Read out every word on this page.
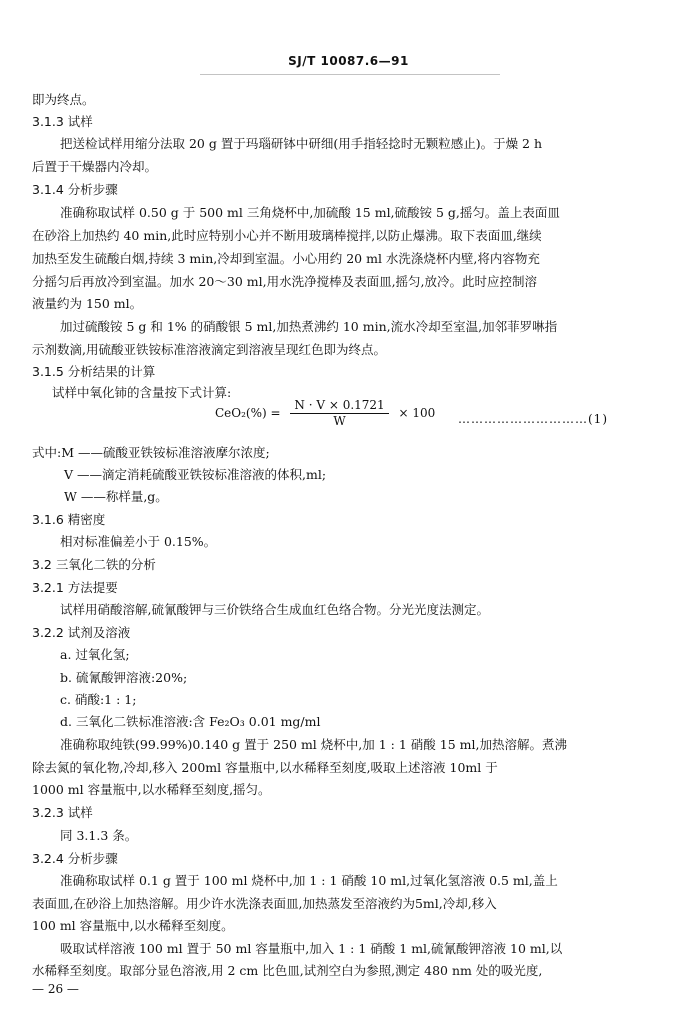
SJ/T 10087.6—91
即为终点。
3.1.3 试样
把送检试样用缩分法取 20 g 置于玛瑙研钵中研细(用手指轻捻时无颗粒感止)。于燥 2 h
后置于干燥器内冷却。
3.1.4 分析步骤
准确称取试样 0.50 g 于 500 ml 三角烧杯中,加硫酸 15 ml,硫酸铵 5 g,摇匀。盖上表面皿
在砂浴上加热约 40 min,此时应特别小心并不断用玻璃棒搅拌,以防止爆沸。取下表面皿,继续
加热至发生硫酸白烟,持续 3 min,冷却到室温。小心用约 20 ml 水洗涤烧杯内壁,将内容物充
分摇匀后再放冷到室温。加水 20～30 ml,用水洗净搅棒及表面皿,摇匀,放冷。此时应控制溶
液量约为 150 ml。
加过硫酸铵 5 g 和 1% 的硝酸银 5 ml,加热煮沸约 10 min,流水冷却至室温,加邻菲罗啉指
示剂数滴,用硫酸亚铁铵标准溶液滴定到溶液呈现红色即为终点。
3.1.5 分析结果的计算
试样中氧化铈的含量按下式计算:
$CeO_2(\%) = \frac{N \cdot V \times 0.1721}{W} \times 100$ …………………………(1)
式中:M ——硫酸亚铁铵标准溶液摩尔浓度;
V ——滴定消耗硫酸亚铁铵标准溶液的体积,ml;
W ——称样量,g。
3.1.6 精密度
相对标准偏差小于 0.15%。
3.2 三氧化二铁的分析
3.2.1 方法提要
试样用硝酸溶解,硫氰酸钾与三价铁络合生成血红色络合物。分光光度法测定。
3.2.2 试剂及溶液
a. 过氧化氢;
b. 硫氰酸钾溶液:20%;
c. 硝酸:1 : 1;
d. 三氧化二铁标准溶液:含 Fe₂O₃ 0.01 mg/ml
准确称取纯铁(99.99%)0.140 g 置于 250 ml 烧杯中,加 1 : 1 硝酸 15 ml,加热溶解。煮沸
除去氮的氧化物,冷却,移入 200ml 容量瓶中,以水稀释至刻度,吸取上述溶液 10ml 于
1000 ml 容量瓶中,以水稀释至刻度,摇匀。
3.2.3 试样
同 3.1.3 条。
3.2.4 分析步骤
准确称取试样 0.1 g 置于 100 ml 烧杯中,加 1 : 1 硝酸 10 ml,过氧化氢溶液 0.5 ml,盖上
表面皿,在砂浴上加热溶解。用少许水洗涤表面皿,加热蒸发至溶液约为5ml,冷却,移入
100 ml 容量瓶中,以水稀释至刻度。
吸取试样溶液 100 ml 置于 50 ml 容量瓶中,加入 1 : 1 硝酸 1 ml,硫氰酸钾溶液 10 ml,以
水稀释至刻度。取部分显色溶液,用 2 cm 比色皿,试剂空白为参照,测定 480 nm 处的吸光度,
— 26 —
